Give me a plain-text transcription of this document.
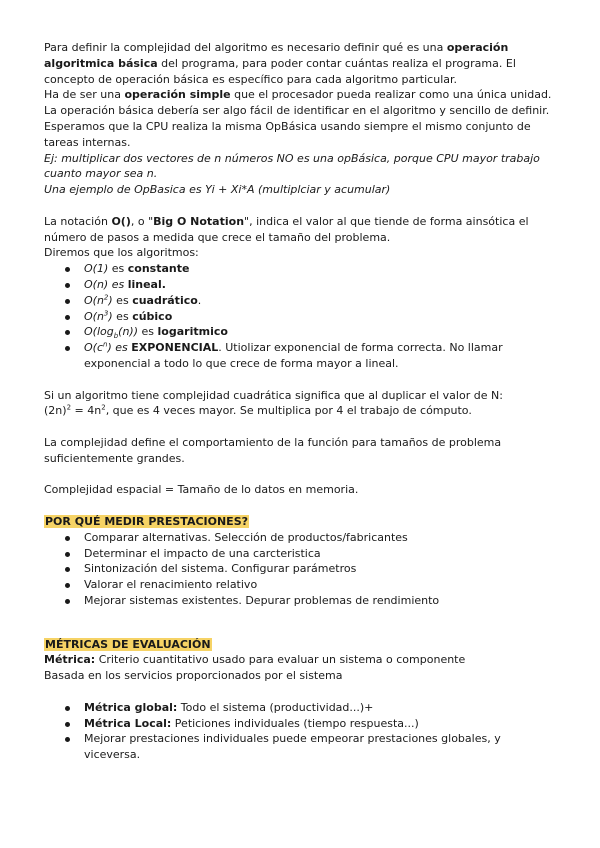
Para definir la complejidad del algoritmo es necesario definir qué es una operación algoritmica básica del programa, para poder contar cuántas realiza el programa. El concepto de operación básica es específico para cada algoritmo particular.

Ha de ser una operación simple que el procesador pueda realizar como una única unidad. La operación básica debería ser algo fácil de identificar en el algoritmo y sencillo de definir.

Esperamos que la CPU realiza la misma OpBásica usando siempre el mismo conjunto de tareas internas.

Ej: multiplicar dos vectores de n números NO es una opBásica, porque CPU mayor trabajo cuanto mayor sea n.

Una ejemplo de OpBasica es Yi + Xi*A (multiplciar y acumular)

La notación O(), o "Big O Notation", indica el valor al que tiende de forma ainsótica el número de pasos a medida que crece el tamaño del problema.

Diremos que los algoritmos:

O(1) es constante
O(n) es lineal.
$O(n^2)$ es cuadrático.
$O(n^3)$ es cúbico
$O(\log_b(n))$ es logaritmico
$O(c^n)$ es EXPONENCIAL. Utiolizar exponencial de forma correcta. No llamar exponencial a todo lo que crece de forma mayor a lineal.

Si un algoritmo tiene complejidad cuadrática significa que al duplicar el valor de N:

$(2n)^2 = 4n^2$, que es 4 veces mayor. Se multiplica por 4 el trabajo de cómputo.

La complejidad define el comportamiento de la función para tamaños de problema suficientemente grandes.

Complejidad espacial = Tamaño de lo datos en memoria.

POR QUÉ MEDIR PRESTACIONES?

Comparar alternativas. Selección de productos/fabricantes
Determinar el impacto de una carcteristica
Sintonización del sistema. Configurar parámetros
Valorar el renacimiento relativo
Mejorar sistemas existentes. Depurar problemas de rendimiento

MÉTRICAS DE EVALUACIÓN

Métrica: Criterio cuantitativo usado para evaluar un sistema o componente

Basada en los servicios proporcionados por el sistema

Métrica global: Todo el sistema (productividad...)+
Métrica Local: Peticiones individuales (tiempo respuesta...)
Mejorar prestaciones individuales puede empeorar prestaciones globales, y viceversa.
